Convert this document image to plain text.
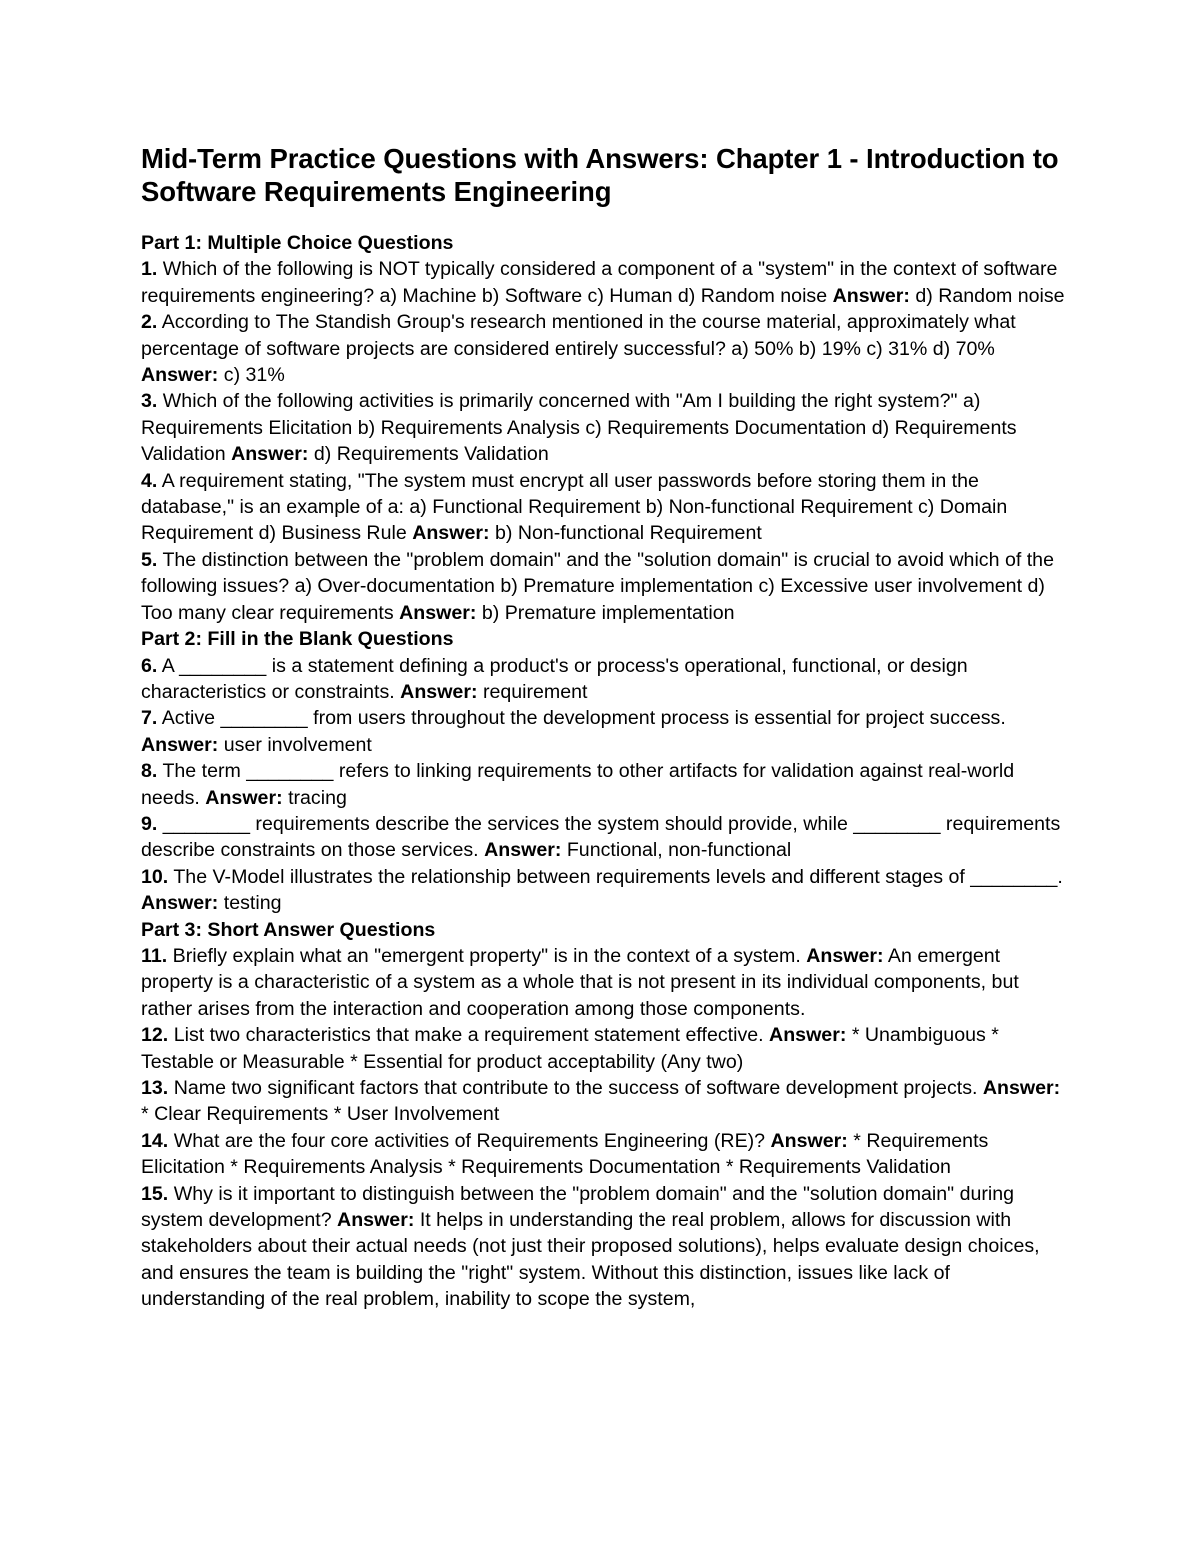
Mid-Term Practice Questions with Answers: Chapter 1 - Introduction to Software Requirements Engineering
Part 1: Multiple Choice Questions

1. Which of the following is NOT typically considered a component of a "system" in the context of software requirements engineering? a) Machine b) Software c) Human d) Random noise Answer: d) Random noise

2. According to The Standish Group's research mentioned in the course material, approximately what percentage of software projects are considered entirely successful? a) 50% b) 19% c) 31% d) 70% Answer: c) 31%

3. Which of the following activities is primarily concerned with "Am I building the right system?" a) Requirements Elicitation b) Requirements Analysis c) Requirements Documentation d) Requirements Validation Answer: d) Requirements Validation

4. A requirement stating, "The system must encrypt all user passwords before storing them in the database," is an example of a: a) Functional Requirement b) Non-functional Requirement c) Domain Requirement d) Business Rule Answer: b) Non-functional Requirement

5. The distinction between the "problem domain" and the "solution domain" is crucial to avoid which of the following issues? a) Over-documentation b) Premature implementation c) Excessive user involvement d) Too many clear requirements Answer: b) Premature implementation

Part 2: Fill in the Blank Questions

6. A ________ is a statement defining a product's or process's operational, functional, or design characteristics or constraints. Answer: requirement

7. Active ________ from users throughout the development process is essential for project success. Answer: user involvement

8. The term ________ refers to linking requirements to other artifacts for validation against real-world needs. Answer: tracing

9. ________ requirements describe the services the system should provide, while ________ requirements describe constraints on those services. Answer: Functional, non-functional

10. The V-Model illustrates the relationship between requirements levels and different stages of ________. Answer: testing

Part 3: Short Answer Questions

11. Briefly explain what an "emergent property" is in the context of a system. Answer: An emergent property is a characteristic of a system as a whole that is not present in its individual components, but rather arises from the interaction and cooperation among those components.

12. List two characteristics that make a requirement statement effective. Answer: * Unambiguous * Testable or Measurable * Essential for product acceptability (Any two)

13. Name two significant factors that contribute to the success of software development projects. Answer: * Clear Requirements * User Involvement

14. What are the four core activities of Requirements Engineering (RE)? Answer: * Requirements Elicitation * Requirements Analysis * Requirements Documentation * Requirements Validation

15. Why is it important to distinguish between the "problem domain" and the "solution domain" during system development? Answer: It helps in understanding the real problem, allows for discussion with stakeholders about their actual needs (not just their proposed solutions), helps evaluate design choices, and ensures the team is building the "right" system. Without this distinction, issues like lack of understanding of the real problem, inability to scope the system,
